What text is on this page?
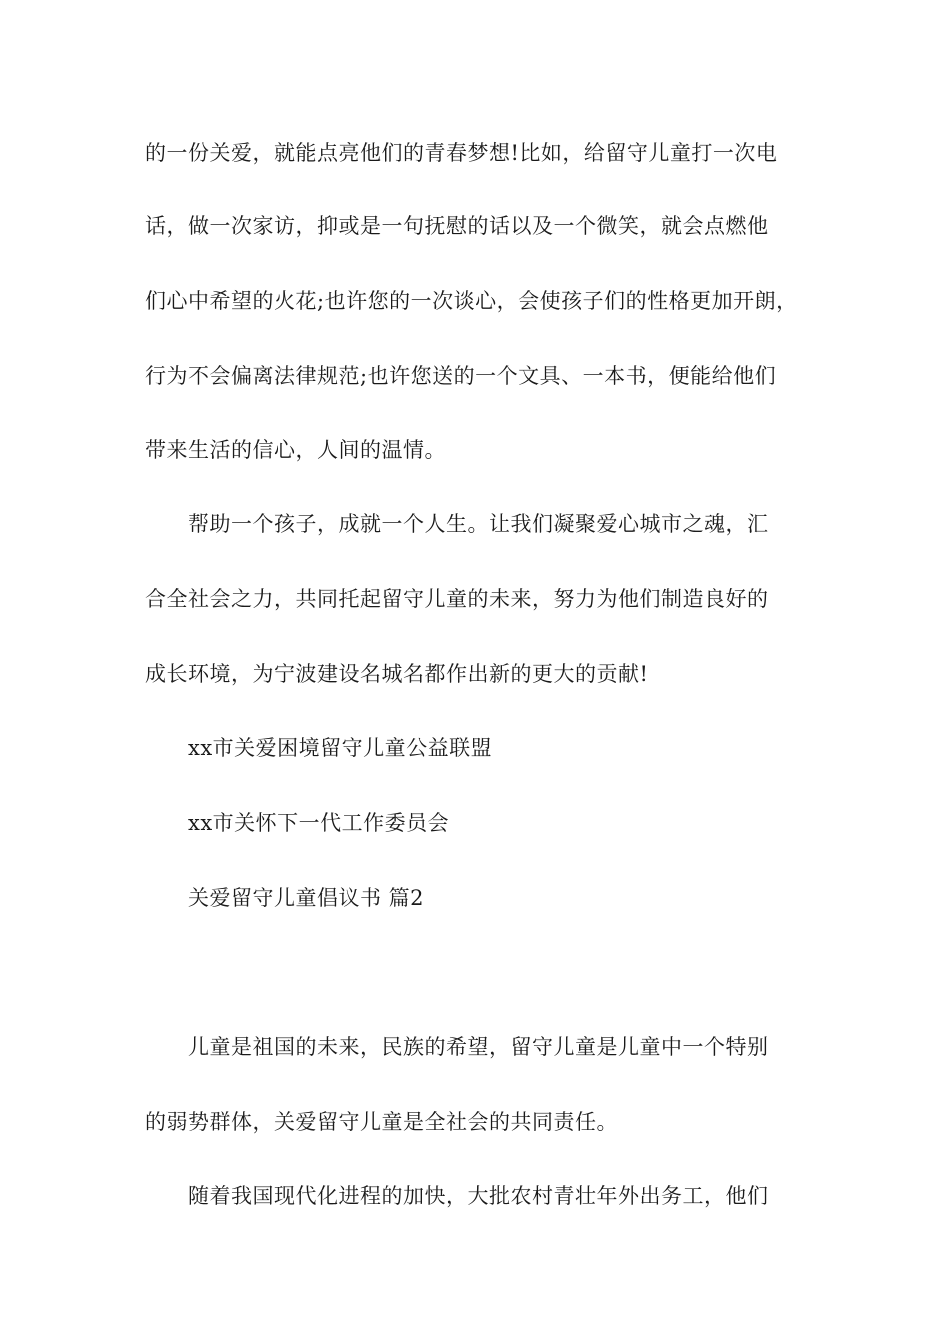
的一份关爱，就能点亮他们的青春梦想!比如，给留守儿童打一次电
话，做一次家访，抑或是一句抚慰的话以及一个微笑，就会点燃他
们心中希望的火花;也许您的一次谈心，会使孩子们的性格更加开朗，
行为不会偏离法律规范;也许您送的一个文具、一本书，便能给他们
带来生活的信心，人间的温情。
帮助一个孩子，成就一个人生。让我们凝聚爱心城市之魂，汇
合全社会之力，共同托起留守儿童的未来，努力为他们制造良好的
成长环境，为宁波建设名城名都作出新的更大的贡献!
xx市关爱困境留守儿童公益联盟
xx市关怀下一代工作委员会
关爱留守儿童倡议书 篇2
儿童是祖国的未来，民族的希望，留守儿童是儿童中一个特别
的弱势群体，关爱留守儿童是全社会的共同责任。
随着我国现代化进程的加快，大批农村青壮年外出务工，他们
